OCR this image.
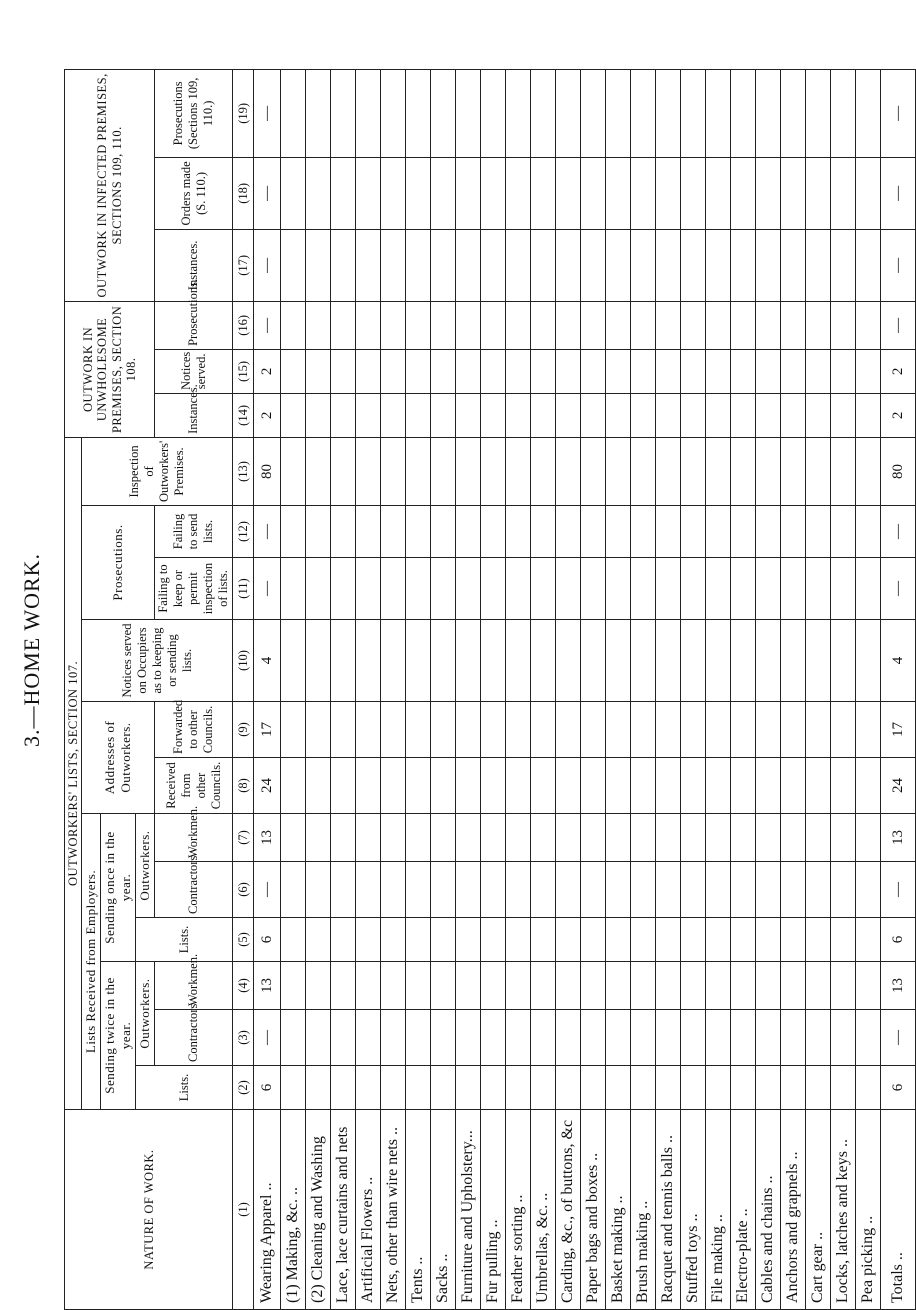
3.—HOME WORK.
NATURE OF WORK.	OUTWORKERS' LISTS, SECTION 107.												OUTWORK IN UNWHOLESOME PREMISES, SECTION 108.			OUTWORK IN INFECTED PREMISES, SECTIONS 109, 110.		
	Lists Received from Employers.						Addresses of Outworkers.		Notices served on Occupiers as to keeping or sending lists.	Prosecutions.		Inspection of Outworkers' Premises.						
	Sending twice in the year.			Sending once in the year.														
	Lists.	Outworkers.		Lists.	Outworkers.													
		Contractors	Workmen.		Contractors	Workmen.	Received from other Councils.	Forwarded to other Councils.		Failing to keep or permit inspection of lists.	Failing to send lists.		Instances.	Notices served.	Prosecutions.	Instances.	Orders made (S. 110.)	Prosecutions (Sections 109, 110.)
(1)	(2)	(3)	(4)	(5)	(6)	(7)	(8)	(9)	(10)	(11)	(12)	(13)	(14)	(15)	(16)	(17)	(18)	(19)
Wearing Apparel ..	6	—	13	6	—	13	24	17	4	—	—	80	2	2	—	—	—	—
(1) Making, &c. ..																		
(2) Cleaning and Washing																		
Lace, lace curtains and nets																		
Artificial Flowers ..																		
Nets, other than wire nets ..																		
Tents ..																		
Sacks ..																		
Furniture and Upholstery...																		
Fur pulling ..																		
Feather sorting ..																		
Umbrellas, &c. ..																		
Carding, &c., of buttons, &c																		
Paper bags and boxes ..																		
Basket making ..																		
Brush making ..																		
Racquet and tennis balls ..																		
Stuffed toys ..																		
File making ..																		
Electro-plate ..																		
Cables and chains ..																		
Anchors and grapnels ..																		
Cart gear ..																		
Locks, latches and keys ..																		
Pea picking ..																		
Totals ..	6	—	13	6	—	13	24	17	4	—	—	80	2	2	—	—	—	—
